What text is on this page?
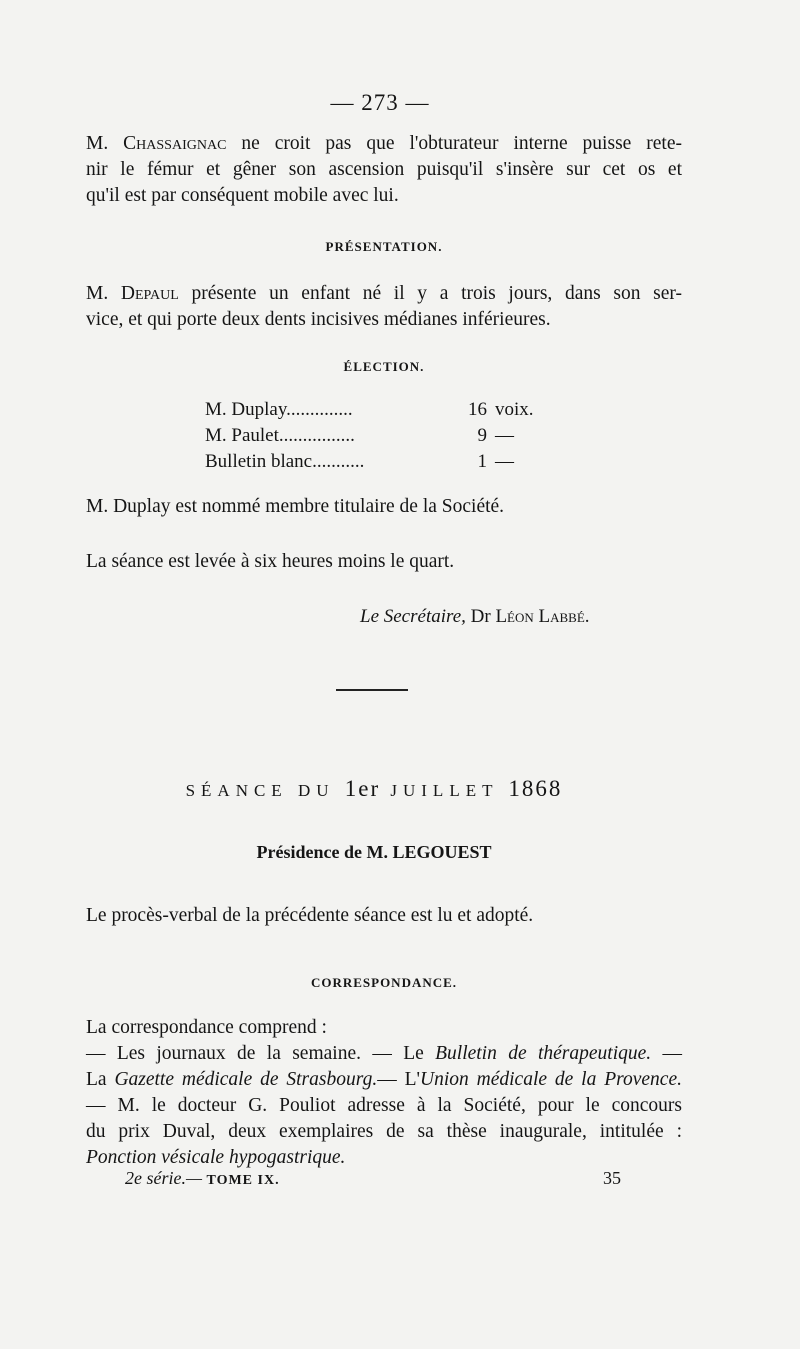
— 273 —
M. Chassaignac ne croit pas que l'obturateur interne puisse rete-
nir le fémur et gêner son ascension puisqu'il s'insère sur cet os et
qu'il est par conséquent mobile avec lui.
PRÉSENTATION.
M. Depaul présente un enfant né il y a trois jours, dans son ser-
vice, et qui porte deux dents incisives médianes inférieures.
ÉLECTION.
M. Duplay..............	16 voix.
M. Paulet................	9 —
Bulletin blanc...........	1 —
M. Duplay est nommé membre titulaire de la Société.
La séance est levée à six heures moins le quart.
Le Secrétaire, Dr Léon Labbé.
SÉANCE DU 1er JUILLET 1868
Présidence de M. LEGOUEST
Le procès-verbal de la précédente séance est lu et adopté.
CORRESPONDANCE.
La correspondance comprend :
— Les journaux de la semaine. — Le Bulletin de thérapeutique. —
La Gazette médicale de Strasbourg.— L'Union médicale de la Provence.
— M. le docteur G. Pouliot adresse à la Société, pour le concours
du prix Duval, deux exemplaires de sa thèse inaugurale, intitulée :
Ponction vésicale hypogastrique.
2e série.— TOME IX.	35
